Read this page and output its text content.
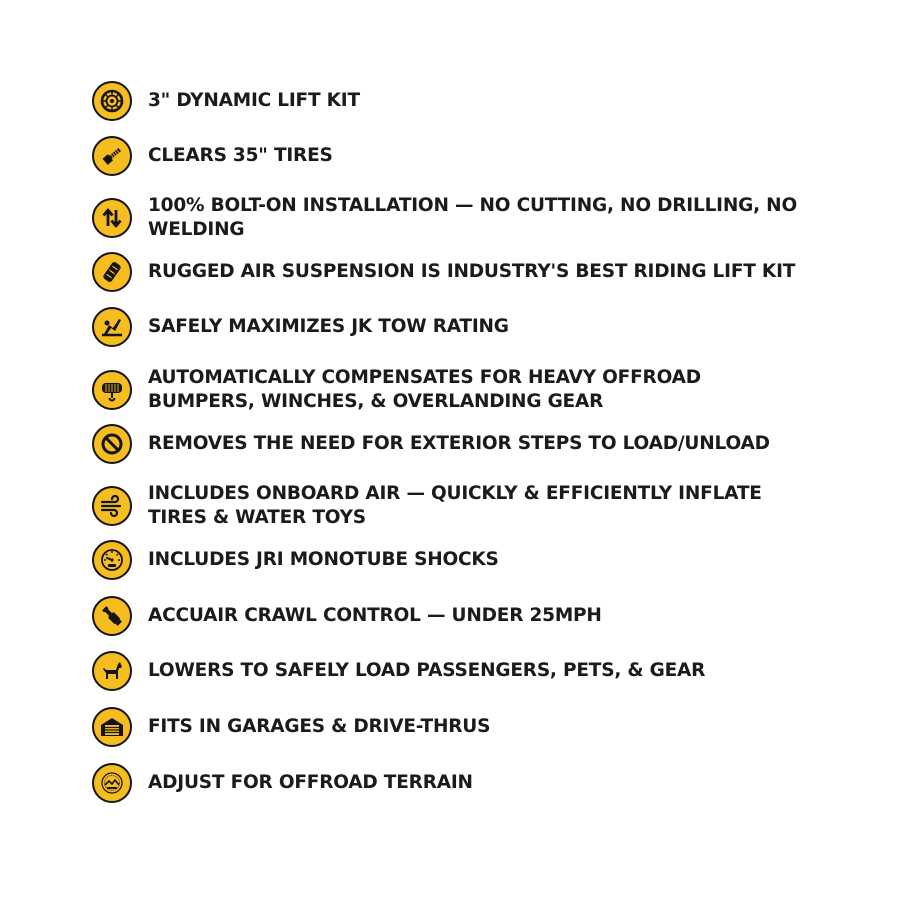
3" DYNAMIC LIFT KIT
CLEARS 35" TIRES
100% BOLT-ON INSTALLATION — NO CUTTING, NO DRILLING, NO WELDING
RUGGED AIR SUSPENSION IS INDUSTRY'S BEST RIDING LIFT KIT
SAFELY MAXIMIZES JK TOW RATING
AUTOMATICALLY COMPENSATES FOR HEAVY OFFROAD BUMPERS, WINCHES, & OVERLANDING GEAR
REMOVES THE NEED FOR EXTERIOR STEPS TO LOAD/UNLOAD
INCLUDES ONBOARD AIR — QUICKLY & EFFICIENTLY INFLATE TIRES & WATER TOYS
INCLUDES JRI MONOTUBE SHOCKS
ACCUAIR CRAWL CONTROL — UNDER 25MPH
LOWERS TO SAFELY LOAD PASSENGERS, PETS, & GEAR
FITS IN GARAGES & DRIVE-THRUS
ADJUST FOR OFFROAD TERRAIN
